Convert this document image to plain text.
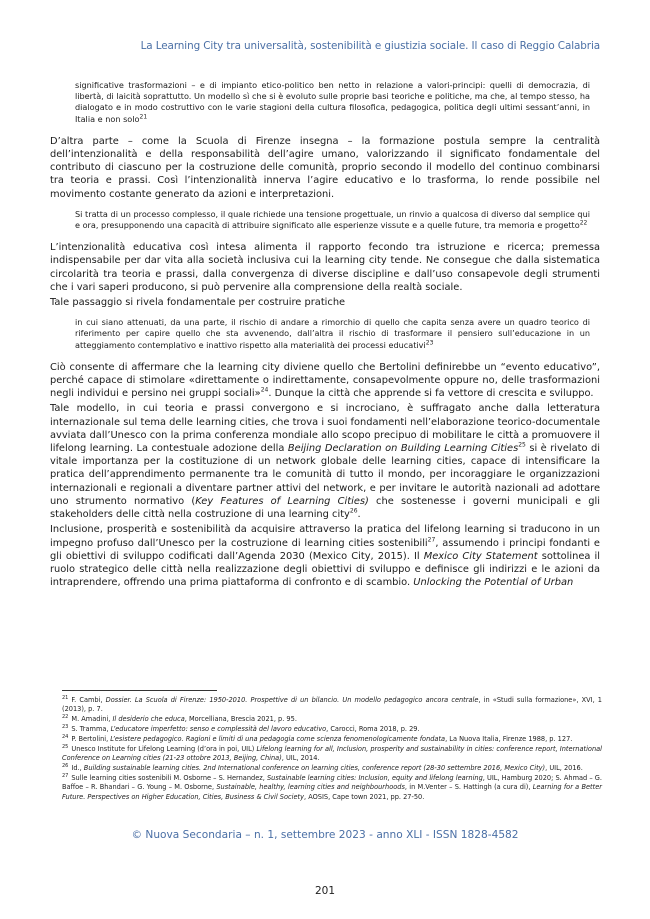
La Learning City tra universalità, sostenibilità e giustizia sociale. Il caso di Reggio Calabria

significative trasformazioni – e di impianto etico-politico ben netto in relazione a valori-principi: quelli di democrazia, di libertà, di laicità soprattutto. Un modello sì che si è evoluto sulle proprie basi teoriche e politiche, ma che, al tempo stesso, ha dialogato e in modo costruttivo con le varie stagioni della cultura filosofica, pedagogica, politica degli ultimi sessant’anni, in Italia e non solo$^{21}$

D’altra parte – come la Scuola di Firenze insegna – la formazione postula sempre la centralità dell’intenzionalità e della responsabilità dell’agire umano, valorizzando il significato fondamentale del contributo di ciascuno per la costruzione delle comunità, proprio secondo il modello del continuo combinarsi tra teoria e prassi. Così l’intenzionalità innerva l’agire educativo e lo trasforma, lo rende possibile nel movimento costante generato da azioni e interpretazioni.

Si tratta di un processo complesso, il quale richiede una tensione progettuale, un rinvio a qualcosa di diverso dal semplice qui e ora, presupponendo una capacità di attribuire significato alle esperienze vissute e a quelle future, tra memoria e progetto$^{22}$

L’intenzionalità educativa così intesa alimenta il rapporto fecondo tra istruzione e ricerca; premessa indispensabile per dar vita alla società inclusiva cui la learning city tende. Ne consegue che dalla sistematica circolarità tra teoria e prassi, dalla convergenza di diverse discipline e dall’uso consapevole degli strumenti che i vari saperi producono, si può pervenire alla comprensione della realtà sociale.

Tale passaggio si rivela fondamentale per costruire pratiche

in cui siano attenuati, da una parte, il rischio di andare a rimorchio di quello che capita senza avere un quadro teorico di riferimento per capire quello che sta avvenendo, dall’altra il rischio di trasformare il pensiero sull’educazione in un atteggiamento contemplativo e inattivo rispetto alla materialità dei processi educativi$^{23}$

Ciò consente di affermare che la learning city diviene quello che Bertolini definirebbe un “evento educativo”, perché capace di stimolare «direttamente o indirettamente, consapevolmente oppure no, delle trasformazioni negli individui e persino nei gruppi sociali»$^{24}$. Dunque la città che apprende si fa vettore di crescita e sviluppo.

Tale modello, in cui teoria e prassi convergono e si incrociano, è suffragato anche dalla letteratura internazionale sul tema delle learning cities, che trova i suoi fondamenti nell’elaborazione teorico-documentale avviata dall’Unesco con la prima conferenza mondiale allo scopo precipuo di mobilitare le città a promuovere il lifelong learning. La contestuale adozione della Beijing Declaration on Building Learning Cities$^{25}$ si è rivelato di vitale importanza per la costituzione di un network globale delle learning cities, capace di intensificare la pratica dell’apprendimento permanente tra le comunità di tutto il mondo, per incoraggiare le organizzazioni internazionali e regionali a diventare partner attivi del network, e per invitare le autorità nazionali ad adottare uno strumento normativo (Key Features of Learning Cities) che sostenesse i governi municipali e gli stakeholders delle città nella costruzione di una learning city$^{26}$.

Inclusione, prosperità e sostenibilità da acquisire attraverso la pratica del lifelong learning si traducono in un impegno profuso dall’Unesco per la costruzione di learning cities sostenibili$^{27}$, assumendo i principi fondanti e gli obiettivi di sviluppo codificati dall’Agenda 2030 (Mexico City, 2015). Il Mexico City Statement sottolinea il ruolo strategico delle città nella realizzazione degli obiettivi di sviluppo e definisce gli indirizzi e le azioni da intraprendere, offrendo una prima piattaforma di confronto e di scambio. Unlocking the Potential of Urban

$^{21}$ F. Cambi, Dossier. La Scuola di Firenze: 1950-2010. Prospettive di un bilancio. Un modello pedagogico ancora centrale, in «Studi sulla formazione», XVI, 1 (2013), p. 7.

$^{22}$ M. Amadini, Il desiderio che educa, Morcelliana, Brescia 2021, p. 95.

$^{23}$ S. Tramma, L’educatore imperfetto: senso e complessità del lavoro educativo, Carocci, Roma 2018, p. 29.

$^{24}$ P. Bertolini, L’esistere pedagogico. Ragioni e limiti di una pedagogia come scienza fenomenologicamente fondata, La Nuova Italia, Firenze 1988, p. 127.

$^{25}$ Unesco Institute for Lifelong Learning (d’ora in poi, UIL) Lifelong learning for all, Inclusion, prosperity and sustainability in cities: conference report, International Conference on Learning cities (21-23 ottobre 2013, Beijing, China), UIL, 2014.

$^{26}$ Id., Building sustainable learning cities. 2nd International conference on learning cities, conference report (28-30 settembre 2016, Mexico City), UIL, 2016.

$^{27}$ Sulle learning cities sostenibili M. Osborne – S. Hernandez, Sustainable learning cities: Inclusion, equity and lifelong learning, UIL, Hamburg 2020; S. Ahmad – G. Baffoe – R. Bhandari – G. Young – M. Osborne, Sustainable, healthy, learning cities and neighbourhoods, in M.Venter – S. Hattingh (a cura di), Learning for a Better Future. Perspectives on Higher Education, Cities, Business & Civil Society, AOSIS, Cape town 2021, pp. 27-50.

© Nuova Secondaria – n. 1, settembre 2023 - anno XLI - ISSN 1828-4582
201
